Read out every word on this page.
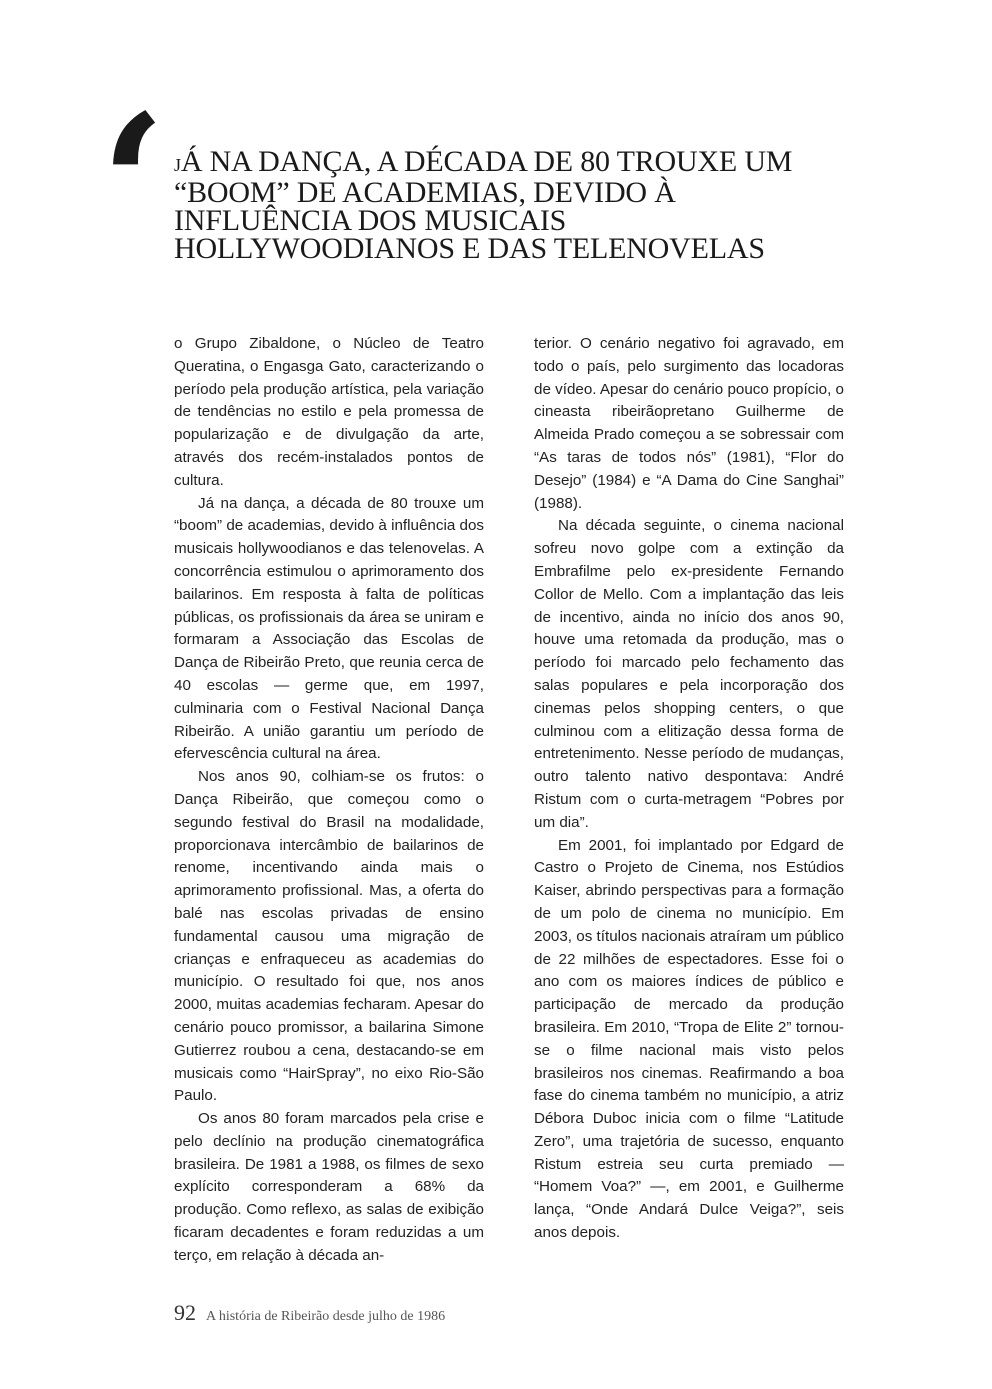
‘ JÁ NA DANÇA, A DÉCADA DE 80 TROUXE UM “BOOM” DE ACADEMIAS, DEVIDO À INFLUÊNCIA DOS MUSICAIS HOLLYWOODIANOS E DAS TELENOVELAS

o Grupo Zibaldone, o Núcleo de Teatro Queratina, o Engasga Gato, caracterizando o período pela produção artística, pela variação de tendências no estilo e pela promessa de popularização e de divulgação da arte, através dos recém-instalados pontos de cultura.

Já na dança, a década de 80 trouxe um “boom” de academias, devido à influência dos musicais hollywoodianos e das telenovelas. A concorrência estimulou o aprimoramento dos bailarinos. Em resposta à falta de políticas públicas, os profissionais da área se uniram e formaram a Associação das Escolas de Dança de Ribeirão Preto, que reunia cerca de 40 escolas — germe que, em 1997, culminaria com o Festival Nacional Dança Ribeirão. A união garantiu um período de efervescência cultural na área.

Nos anos 90, colhiam-se os frutos: o Dança Ribeirão, que começou como o segundo festival do Brasil na modalidade, proporcionava intercâmbio de bailarinos de renome, incentivando ainda mais o aprimoramento profissional. Mas, a oferta do balé nas escolas privadas de ensino fundamental causou uma migração de crianças e enfraqueceu as academias do município. O resultado foi que, nos anos 2000, muitas academias fecharam. Apesar do cenário pouco promissor, a bailarina Simone Gutierrez roubou a cena, destacando-se em musicais como “HairSpray”, no eixo Rio-São Paulo.

Os anos 80 foram marcados pela crise e pelo declínio na produção cinematográfica brasileira. De 1981 a 1988, os filmes de sexo explícito corresponderam a 68% da produção. Como reflexo, as salas de exibição ficaram decadentes e foram reduzidas a um terço, em relação à década an-

terior. O cenário negativo foi agravado, em todo o país, pelo surgimento das locadoras de vídeo. Apesar do cenário pouco propício, o cineasta ribeirãopretano Guilherme de Almeida Prado começou a se sobressair com “As taras de todos nós” (1981), “Flor do Desejo” (1984) e “A Dama do Cine Sanghai” (1988).

Na década seguinte, o cinema nacional sofreu novo golpe com a extinção da Embrafilme pelo ex-presidente Fernando Collor de Mello. Com a implantação das leis de incentivo, ainda no início dos anos 90, houve uma retomada da produção, mas o período foi marcado pelo fechamento das salas populares e pela incorporação dos cinemas pelos shopping centers, o que culminou com a elitização dessa forma de entretenimento. Nesse período de mudanças, outro talento nativo despontava: André Ristum com o curta-metragem “Pobres por um dia”.

Em 2001, foi implantado por Edgard de Castro o Projeto de Cinema, nos Estúdios Kaiser, abrindo perspectivas para a formação de um polo de cinema no município. Em 2003, os títulos nacionais atraíram um público de 22 milhões de espectadores. Esse foi o ano com os maiores índices de público e participação de mercado da produção brasileira. Em 2010, “Tropa de Elite 2” tornou-se o filme nacional mais visto pelos brasileiros nos cinemas. Reafirmando a boa fase do cinema também no município, a atriz Débora Duboc inicia com o filme “Latitude Zero”, uma trajetória de sucesso, enquanto Ristum estreia seu curta premiado — “Homem Voa?” —, em 2001, e Guilherme lança, “Onde Andará Dulce Veiga?”, seis anos depois.

92 A história de Ribeirão desde julho de 1986
